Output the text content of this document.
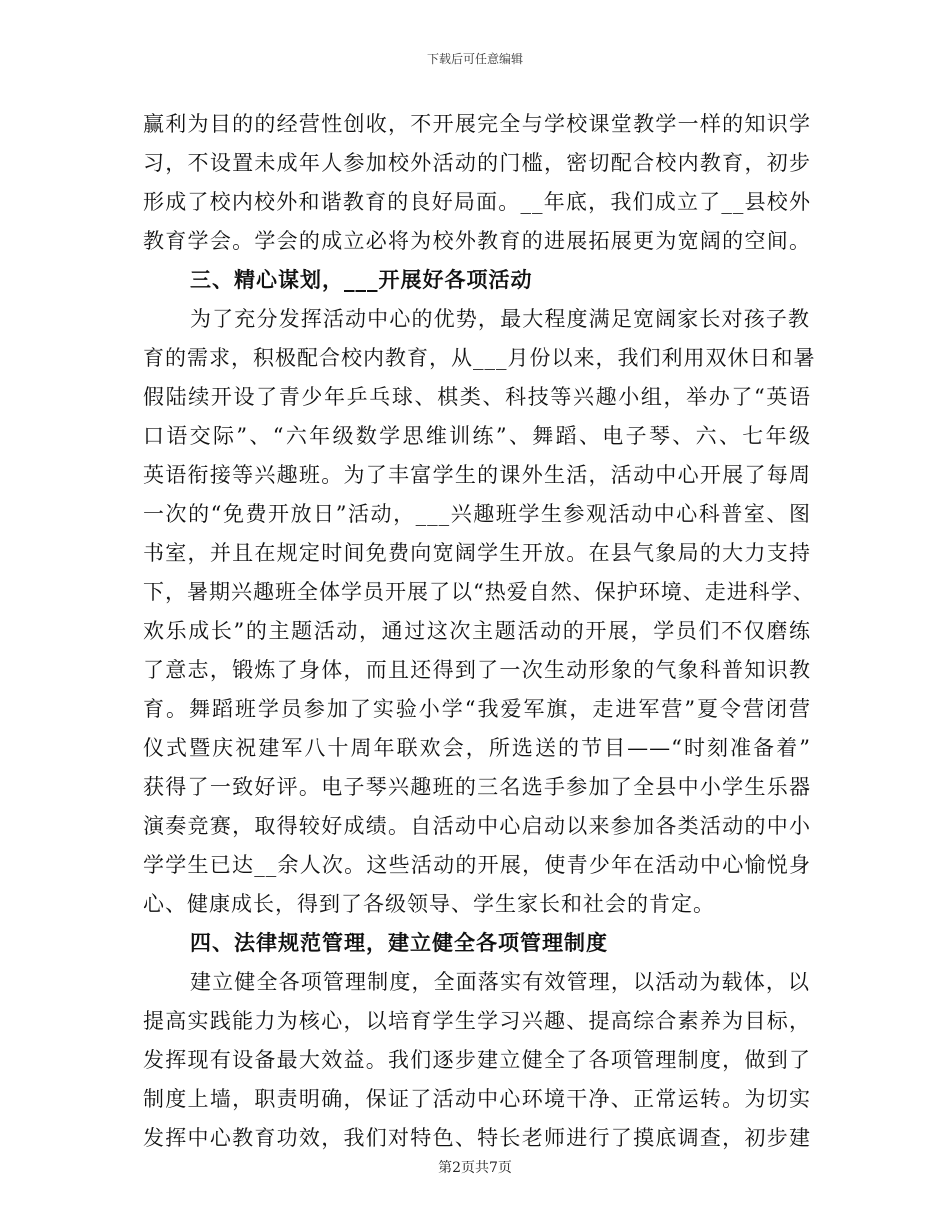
下载后可任意编辑
赢利为目的的经营性创收，不开展完全与学校课堂教学一样的知识学
习，不设置未成年人参加校外活动的门槛，密切配合校内教育，初步
形成了校内校外和谐教育的良好局面。__年底，我们成立了__县校外
教育学会。学会的成立必将为校外教育的进展拓展更为宽阔的空间。
三、精心谋划，___开展好各项活动
为了充分发挥活动中心的优势，最大程度满足宽阔家长对孩子教
育的需求，积极配合校内教育，从___月份以来，我们利用双休日和暑
假陆续开设了青少年乒乓球、棋类、科技等兴趣小组，举办了“英语
口语交际”、“六年级数学思维训练”、舞蹈、电子琴、六、七年级
英语衔接等兴趣班。为了丰富学生的课外生活，活动中心开展了每周
一次的“免费开放日”活动，___兴趣班学生参观活动中心科普室、图
书室，并且在规定时间免费向宽阔学生开放。在县气象局的大力支持
下，暑期兴趣班全体学员开展了以“热爱自然、保护环境、走进科学、
欢乐成长”的主题活动，通过这次主题活动的开展，学员们不仅磨练
了意志，锻炼了身体，而且还得到了一次生动形象的气象科普知识教
育。舞蹈班学员参加了实验小学“我爱军旗，走进军营”夏令营闭营
仪式暨庆祝建军八十周年联欢会，所选送的节目——“时刻准备着”
获得了一致好评。电子琴兴趣班的三名选手参加了全县中小学生乐器
演奏竞赛，取得较好成绩。自活动中心启动以来参加各类活动的中小
学学生已达__余人次。这些活动的开展，使青少年在活动中心愉悦身
心、健康成长，得到了各级领导、学生家长和社会的肯定。
四、法律规范管理，建立健全各项管理制度
建立健全各项管理制度，全面落实有效管理，以活动为载体，以
提高实践能力为核心，以培育学生学习兴趣、提高综合素养为目标，
发挥现有设备最大效益。我们逐步建立健全了各项管理制度，做到了
制度上墙，职责明确，保证了活动中心环境干净、正常运转。为切实
发挥中心教育功效，我们对特色、特长老师进行了摸底调查，初步建
第2页共7页
